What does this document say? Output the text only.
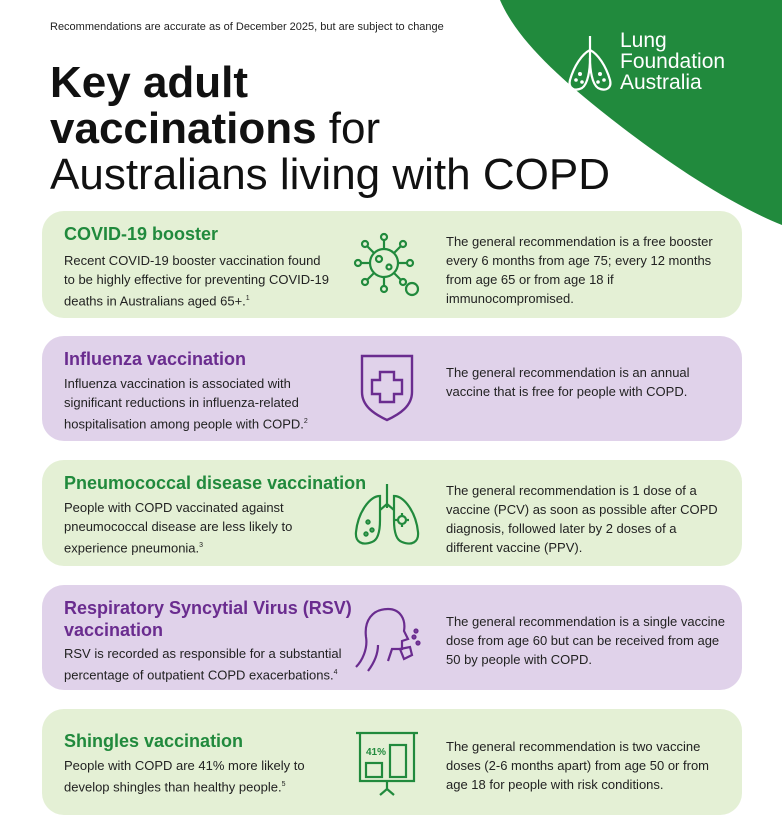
Lung
Foundation
Australia
Recommendations are accurate as of December 2025, but are subject to change
Key adult
vaccinations for
Australians living with COPD
COVID-19 booster
Recent COVID-19 booster vaccination found to be highly effective for preventing COVID-19 deaths in Australians aged 65+.$^1$
The general recommendation is a free booster every 6 months from age 75; every 12 months from age 65 or from age 18 if immunocompromised.
Influenza vaccination
Influenza vaccination is associated with significant reductions in influenza-related hospitalisation among people with COPD.$^2$
The general recommendation is an annual vaccine that is free for people with COPD.
Pneumococcal disease vaccination
People with COPD vaccinated against pneumococcal disease are less likely to experience pneumonia.$^3$
The general recommendation is 1 dose of a vaccine (PCV) as soon as possible after COPD diagnosis, followed later by 2 doses of a different vaccine (PPV).
Respiratory Syncytial Virus (RSV) vaccination
RSV is recorded as responsible for a substantial percentage of outpatient COPD exacerbations.$^4$
The general recommendation is a single vaccine dose from age 60 but can be received from age 50 by people with COPD.
Shingles vaccination
People with COPD are 41% more likely to develop shingles than healthy people.$^5$
41%	The general recommendation is two vaccine doses (2-6 months apart) from age 50 or from age 18 for people with risk conditions.
